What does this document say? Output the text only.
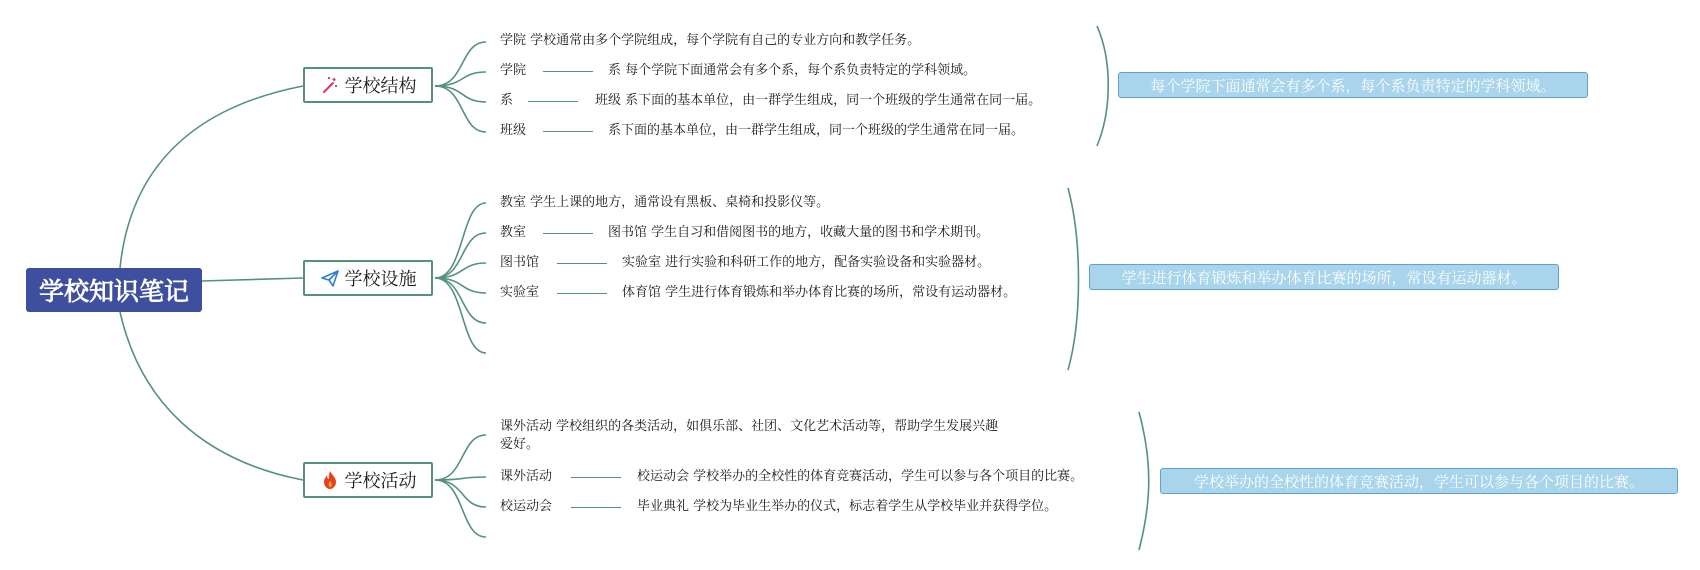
学校知识笔记
学校结构
学院 学校通常由多个学院组成，每个学院有自己的专业方向和教学任务。
学院	系 每个学院下面通常会有多个系，每个系负责特定的学科领域。
系	班级 系下面的基本单位，由一群学生组成，同一个班级的学生通常在同一届。
班级	系下面的基本单位，由一群学生组成，同一个班级的学生通常在同一届。
每个学院下面通常会有多个系，每个系负责特定的学科领域。
学校设施
教室 学生上课的地方，通常设有黑板、桌椅和投影仪等。
教室	图书馆 学生自习和借阅图书的地方，收藏大量的图书和学术期刊。
图书馆	实验室 进行实验和科研工作的地方，配备实验设备和实验器材。
实验室	体育馆 学生进行体育锻炼和举办体育比赛的场所，常设有运动器材。
学生进行体育锻炼和举办体育比赛的场所，常设有运动器材。
学校活动
课外活动 学校组织的各类活动，如俱乐部、社团、文化艺术活动等，帮助学生发展兴趣爱好。
课外活动	校运动会 学校举办的全校性的体育竞赛活动，学生可以参与各个项目的比赛。
校运动会	毕业典礼 学校为毕业生举办的仪式，标志着学生从学校毕业并获得学位。
学校举办的全校性的体育竞赛活动，学生可以参与各个项目的比赛。
